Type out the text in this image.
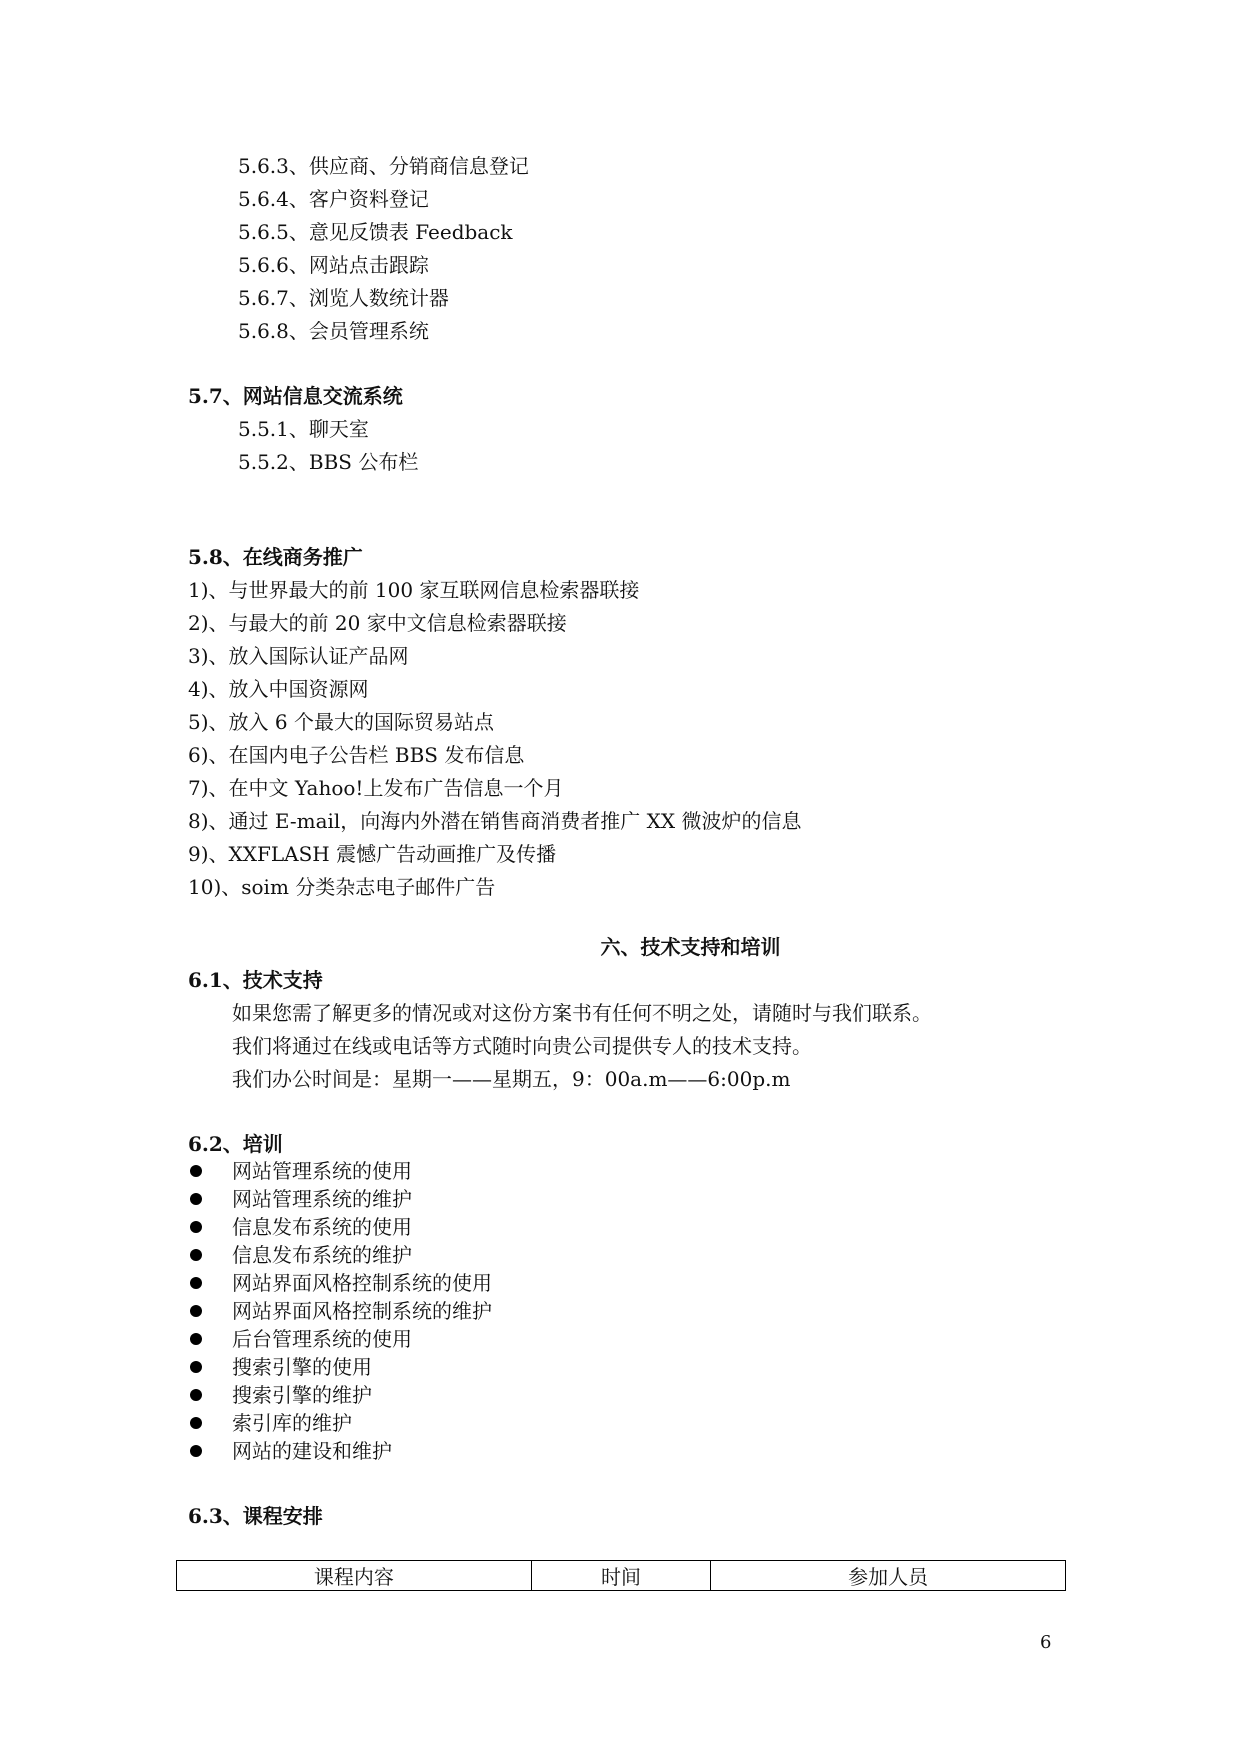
5.6.3、供应商、分销商信息登记
5.6.4、客户资料登记
5.6.5、意见反馈表 Feedback
5.6.6、网站点击跟踪
5.6.7、浏览人数统计器
5.6.8、会员管理系统
5.7、网站信息交流系统
5.5.1、聊天室
5.5.2、BBS 公布栏
5.8、在线商务推广
1)、与世界最大的前 100 家互联网信息检索器联接
2)、与最大的前 20 家中文信息检索器联接
3)、放入国际认证产品网
4)、放入中国资源网
5)、放入 6 个最大的国际贸易站点
6)、在国内电子公告栏 BBS 发布信息
7)、在中文 Yahoo!上发布广告信息一个月
8)、通过 E-mail，向海内外潜在销售商消费者推广 XX 微波炉的信息
9)、XXFLASH 震憾广告动画推广及传播
10)、soim 分类杂志电子邮件广告
六、技术支持和培训
6.1、技术支持
如果您需了解更多的情况或对这份方案书有任何不明之处，请随时与我们联系。
我们将通过在线或电话等方式随时向贵公司提供专人的技术支持。
我们办公时间是：星期一——星期五，9：00a.m——6:00p.m
6.2、培训
网站管理系统的使用
网站管理系统的维护
信息发布系统的使用
信息发布系统的维护
网站界面风格控制系统的使用
网站界面风格控制系统的维护
后台管理系统的使用
搜索引擎的使用
搜索引擎的维护
索引库的维护
网站的建设和维护
6.3、课程安排
课程内容	时间	参加人员
6
